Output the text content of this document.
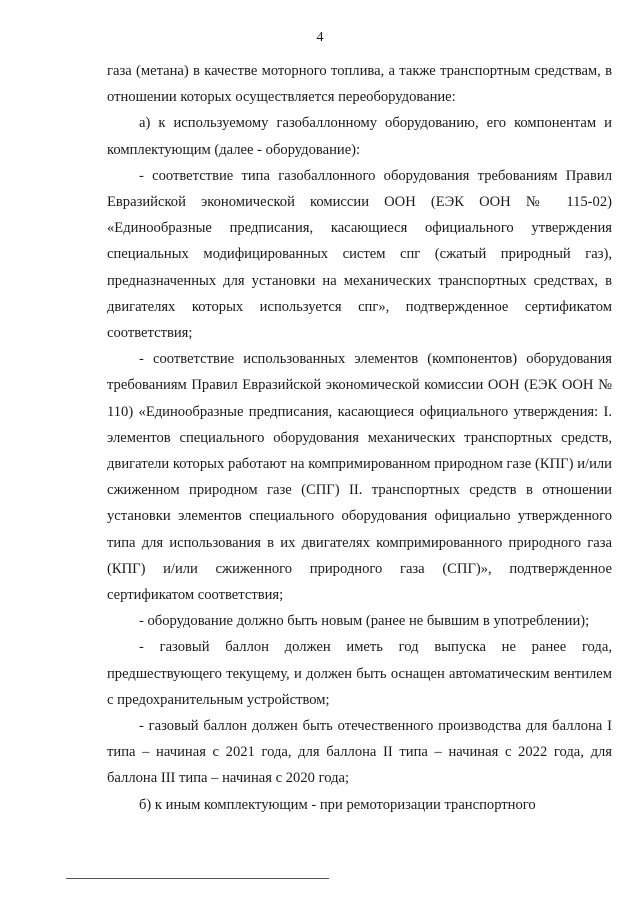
4

газа (метана) в качестве моторного топлива, а также транспортным средствам, в отношении которых осуществляется переоборудование:

а) к используемому газобаллонному оборудованию, его компонентам и комплектующим (далее - оборудование):

- соответствие типа газобаллонного оборудования требованиям Правил Евразийской экономической комиссии ООН (ЕЭК ООН № 115-02) «Единообразные предписания, касающиеся официального утверждения специальных модифицированных систем спг (сжатый природный газ), предназначенных для установки на механических транспортных средствах, в двигателях которых используется спг», подтвержденное сертификатом соответствия;

- соответствие использованных элементов (компонентов) оборудования требованиям Правил Евразийской экономической комиссии ООН (ЕЭК ООН № 110) «Единообразные предписания, касающиеся официального утверждения: I. элементов специального оборудования механических транспортных средств, двигатели которых работают на компримированном природном газе (КПГ) и/или сжиженном природном газе (СПГ) II. транспортных средств в отношении установки элементов специального оборудования официально утвержденного типа для использования в их двигателях компримированного природного газа (КПГ) и/или сжиженного природного газа (СПГ)», подтвержденное сертификатом соответствия;

- оборудование должно быть новым (ранее не бывшим в употреблении);

- газовый баллон должен иметь год выпуска не ранее года, предшествующего текущему, и должен быть оснащен автоматическим вентилем с предохранительным устройством;

- газовый баллон должен быть отечественного производства для баллона I типа – начиная с 2021 года, для баллона II типа – начиная с 2022 года, для баллона III типа – начиная с 2020 года;

б) к иным комплектующим - при ремоторизации транспортного
